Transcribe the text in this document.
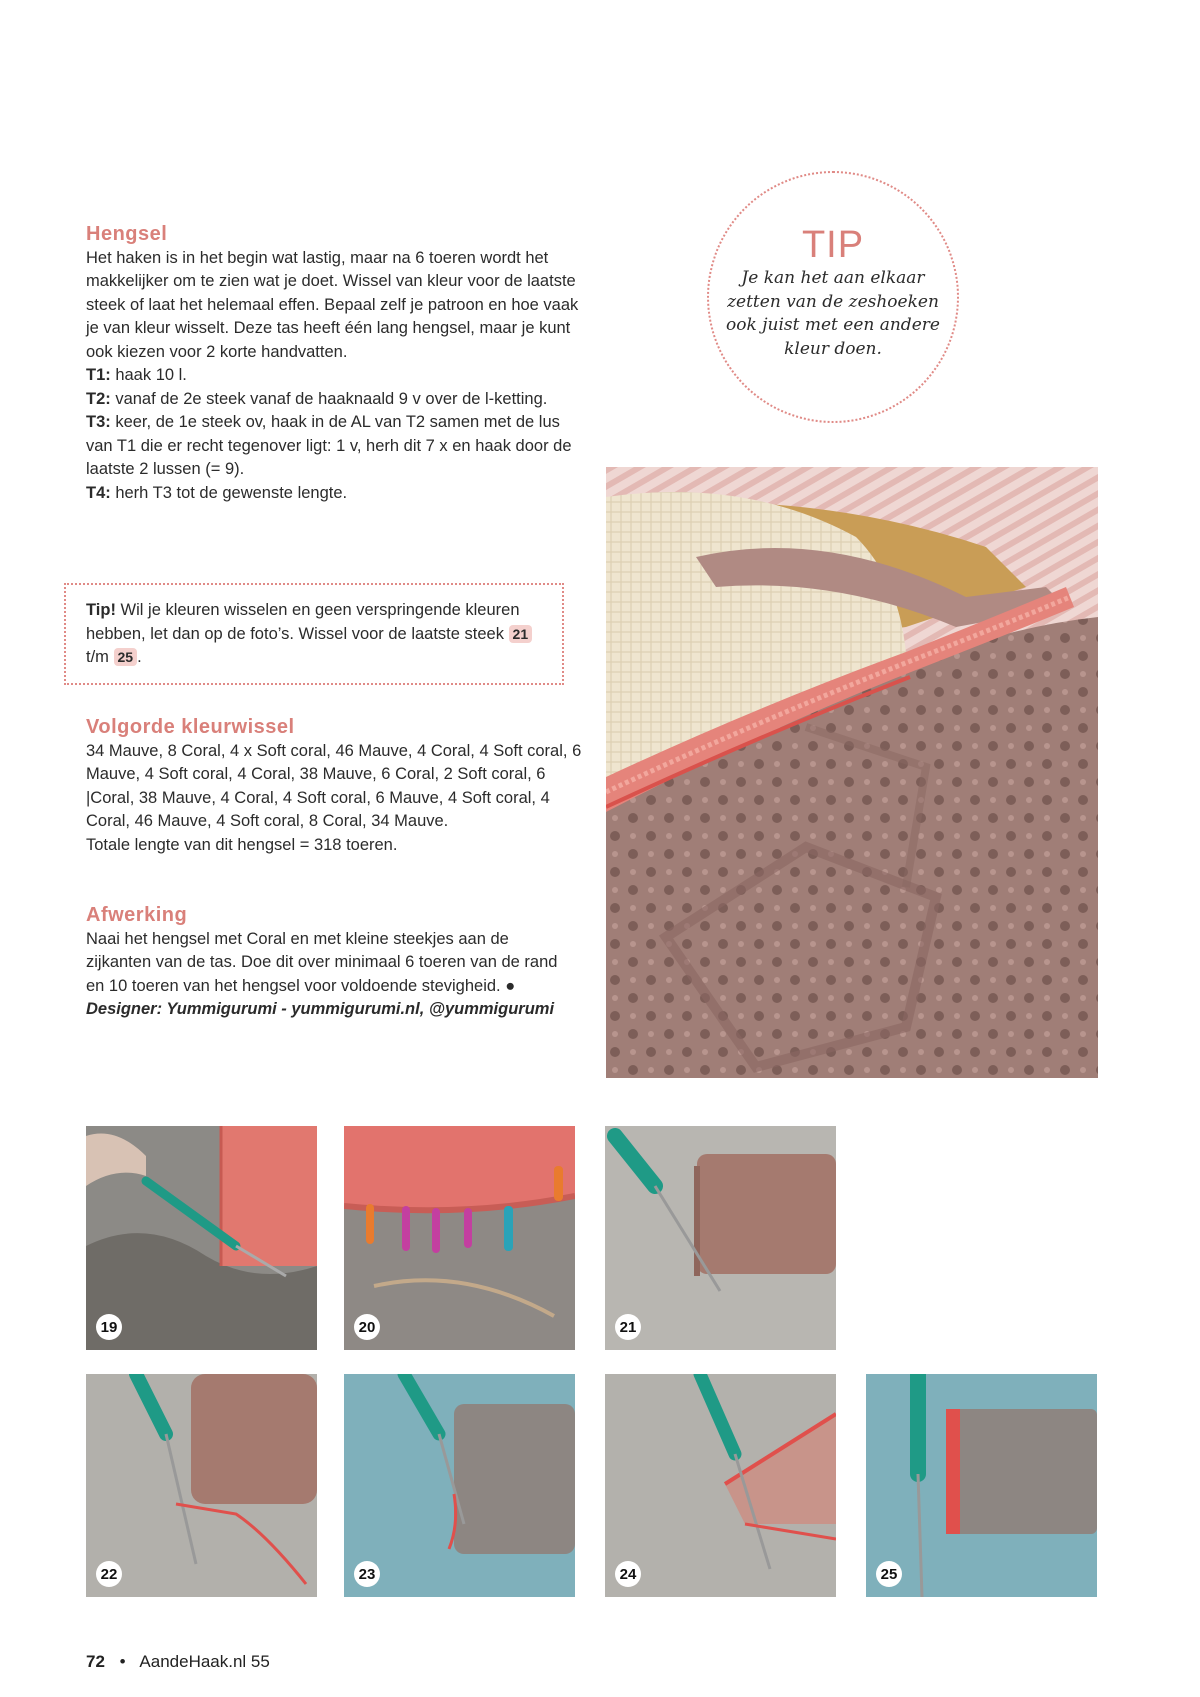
Hengsel

Het haken is in het begin wat lastig, maar na 6 toeren wordt het makkelijker om te zien wat je doet. Wissel van kleur voor de laatste steek of laat het helemaal effen. Bepaal zelf je patroon en hoe vaak je van kleur wisselt. Deze tas heeft één lang hengsel, maar je kunt ook kiezen voor 2 korte handvatten.

T1: haak 10 l.

T2: vanaf de 2e steek vanaf de haaknaald 9 v over de l-ketting.

T3: keer, de 1e steek ov, haak in de AL van T2 samen met de lus van T1 die er recht tegenover ligt: 1 v, herh dit 7 x en haak door de laatste 2 lussen (= 9).

T4: herh T3 tot de gewenste lengte.

Tip! Wil je kleuren wisselen en geen verspringende kleuren hebben, let dan op de foto’s. Wissel voor de laatste steek 21 t/m 25 .
Volgorde kleurwissel

34 Mauve, 8 Coral, 4 x Soft coral, 46 Mauve, 4 Coral, 4 Soft coral, 6 Mauve, 4 Soft coral, 4 Coral, 38 Mauve, 6 Coral, 2 Soft coral, 6 |Coral, 38 Mauve, 4 Coral, 4 Soft coral, 6 Mauve, 4 Soft coral, 4 Coral, 46 Mauve, 4 Soft coral, 8 Coral, 34 Mauve.

Totale lengte van dit hengsel = 318 toeren.

Afwerking

Naai het hengsel met Coral en met kleine steekjes aan de zijkanten van de tas. Doe dit over minimaal 6 toeren van de rand en 10 toeren van het hengsel voor voldoende stevigheid. ●

Designer: Yummigurumi - yummigurumi.nl, @yummigurumi

TIP
Je kan het aan elkaar zetten van de zeshoeken ook juist met een andere kleur doen.
19	20	21
22	23	24	25
72 • AandeHaak.nl 55
